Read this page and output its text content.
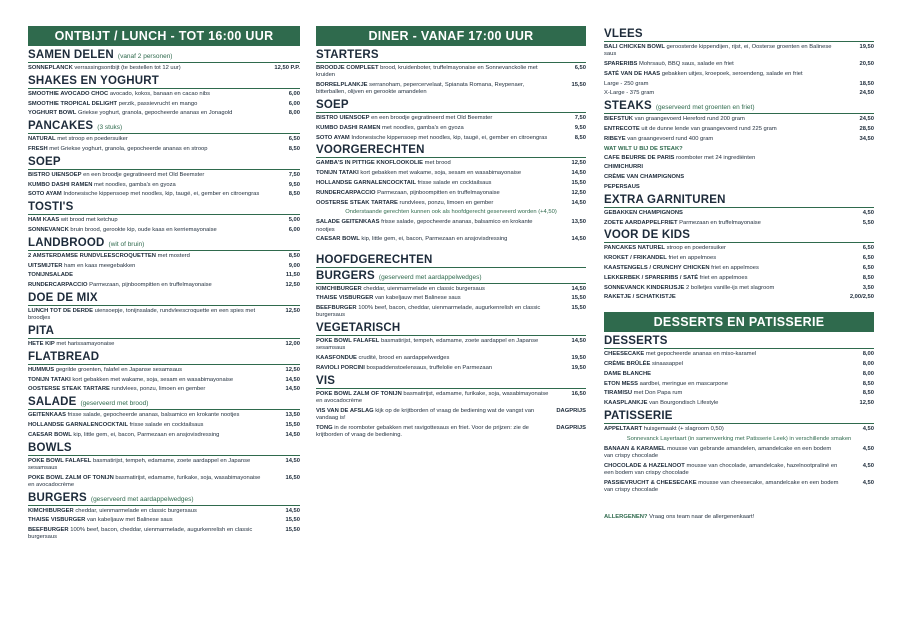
ONTBIJT / LUNCH - TOT 16:00 UUR
SAMEN DELEN (vanaf 2 personen)
SONNEPLANCK verrassingsontbijt (te bestellen tot 12 uur)	12,50 P.P.
SHAKES EN YOGHURT
SMOOTHIE AVOCADO CHOC avocado, kokos, banaan en cacao nibs	6,00
SMOOTHIE TROPICAL DELIGHT perzik, passievrucht en mango	6,00
YOGHURT BOWL Griekse yoghurt, granola, gepocheerde ananas en Jonagold	8,00
PANCAKES (3 stuks)
NATURAL met stroop en poedersuiker	6,50
FRESH met Griekse yoghurt, granola, gepocheerde ananas en stroop	8,50
SOEP
BISTRO UIENSOEP en een broodje gegratineerd met Old Beemster	7,50
KUMBO DASHI RAMEN met noodles, gamba's en gyoza	9,50
SOTO AYAM Indonesische kippensoep met noodles, kip, taugé, ei, gember en citroengras	8,50
TOSTI'S
HAM KAAS wit brood met ketchup	5,00
SONNEVANCK bruin brood, gerookte kip, oude kaas en kerriemayonaise	6,00
LANDBROOD (wit of bruin)
2 AMSTERDAMSE RUNDVLEESCROQUETTEN met mosterd	8,50
UITSMIJTER ham en kaas meegebakken	9,00
TONIJNSALADE	11,50
RUNDERCARPACCIO Parmezaan, pijnboompitten en truffelmayonaise	12,50
DOE DE MIX
LUNCH TOT DE DERDE uiensoepje, tonijnsalade, rundvleescroquette en een spies met broodjes
12,50
PITA
HETE KIP met harissamayonaise	12,00
FLATBREAD
HUMMUS gegrilde groenten, falafel en Japanse sesamsaus	12,50
TONIJN TATAKI kort gebakken met wakame, soja, sesam en wasabimayonaise	14,50
OOSTERSE STEAK TARTARE rundvlees, ponzu, limoen en gember	14,50
SALADE (geserveerd met brood)
GEITENKAAS frisse salade, gepocheerde ananas, balsamico en krokante nootjes	13,50
HOLLANDSE GARNALENCOCKTAIL frisse salade en cocktailsaus	15,50
CAESAR BOWL kip, little gem, ei, bacon, Parmezaan en ansjovisdressing	14,50
BOWLS
POKE BOWL FALAFEL basmatirijst, tempeh, edamame, zoete aardappel en Japanse sesamsaus
14,50
POKE BOWL ZALM OF TONIJN basmatirijst, edamame, furikake, soja, wasabimayonaise en avocadocrème
16,50
BURGERS (geserveerd met aardappelwedges)
KIMCHIBURGER cheddar, uienmarmelade en classic burgersaus	14,50
THAISE VISBURGER van kabeljauw met Balinese saus	15,50
BEEFBURGER 100% beef, bacon, cheddar, uienmarmelade, augurkenrelish en classic burgersaus
15,50
DINER - VANAF 17:00 UUR
STARTERS
BROODJE COMPLEET brood, kruidenboter, truffelmayonaise en Sonnevanckolie met kruiden
6,50
BORRELPLANKJE serranoham, pepercervelaat, Spianata Romana, Reypenaer, bitterballen, olijven en gerookte amandelen
15,50
SOEP
BISTRO UIENSOEP en een broodje gegratineerd met Old Beemster	7,50
KUMBO DASHI RAMEN met noodles, gamba's en gyoza	9,50
SOTO AYAM Indonesische kippensoep met noodles, kip, taugé, ei, gember en citroengras	8,50
VOORGERECHTEN
GAMBA'S IN PITTIGE KNOFLOOKOLIE met brood	12,50
TONIJN TATAKI kort gebakken met wakame, soja, sesam en wasabimayonaise	14,50
HOLLANDSE GARNALENCOCKTAIL frisse salade en cocktailsaus	15,50
RUNDERCARPACCIO Parmezaan, pijnboompitten en truffelmayonaise	12,50
OOSTERSE STEAK TARTARE rundvlees, ponzu, limoen en gember	14,50
Onderstaande gerechten kunnen ook als hoofdgerecht geserveerd worden (+4,50)
SALADE GEITENKAAS frisse salade, gepocheerde ananas, balsamico en krokante nootjes
13,50
CAESAR BOWL kip, little gem, ei, bacon, Parmezaan en ansjovisdressing	14,50
HOOFDGERECHTEN
BURGERS (geserveerd met aardappelwedges)
KIMCHIBURGER cheddar, uienmarmelade en classic burgersaus	14,50
THAISE VISBURGER van kabeljauw met Balinese saus	15,50
BEEFBURGER 100% beef, bacon, cheddar, uienmarmelade, augurkenrelish en classic burgersaus
15,50
VEGETARISCH
POKE BOWL FALAFEL basmatirijst, tempeh, edamame, zoete aardappel en Japanse sesamsaus
14,50
KAASFONDUE crudité, brood en aardappelwedges	19,50
RAVIOLI PORCINI bospaddenstoelensaus, truffelolie en Parmezaan	19,50
VIS
POKE BOWL ZALM OF TONIJN basmatirijst, edamame, furikake, soja, wasabimayonaise en avocadocrème
16,50
VIS VAN DE AFSLAG kijk op de krijtborden of vraag de bediening wat de vangst van vandaag is!
DAGPRIJS
TONG in de roomboter gebakken met ravigottesaus en friet. Voor de prijzen: zie de krijtborden of vraag de bediening.
DAGPRIJS
VLEES
BALI CHICKEN BOWL geroosterde kippendijen, rijst, ei, Oosterse groenten en Balinese saus
19,50
SPARERIBS Mohrsauö, BBQ saus, salade en friet	20,50
SATÉ VAN DE HAAS gebakken uitjes, kroepoek, seroendeng, salade en friet
Large - 250 gram	18,50
X-Large - 375 gram	24,50
STEAKS (geserveerd met groenten en friet)
BIEFSTUK van graangevoerd Hereford rund 200 gram	24,50
ENTRECOTE uit de dunne lende van graangevoerd rund 225 gram	28,50
RIBEYE van graangevoerd rund 400 gram	34,50
WAT WILT U BIJ DE STEAK?
CAFE BEURRE DE PARIS roomboter met 24 ingrediënten
CHIMICHURRI
CRÈME VAN CHAMPIGNONS
PEPERSAUS
EXTRA GARNITUREN
GEBAKKEN CHAMPIGNONS	4,50
ZOETE AARDAPPELFRIET Parmezaan en truffelmayonaise	5,50
VOOR DE KIDS
PANCAKES NATUREL stroop en poedersuiker	6,50
KROKET / FRIKANDEL friet en appelmoes	6,50
KAASTENGELS / CRUNCHY CHICKEN friet en appelmoes	6,50
LEKKERBEK / SPARERIBS / SATÉ friet en appelmoes	8,50
SONNEVANCK KINDERIJSJE 2 bolletjes vanille-ijs met slagroom	3,50
RAKETJE / SCHATKISTJE	2,00/2,50
DESSERTS EN PATISSERIE
DESSERTS
CHEESECAKE met gepocheerde ananas en miso-karamel	8,00
CRÈME BRÛLÉE sinaasappel	8,00
DAME BLANCHE	8,00
ETON MESS aardbei, meringue en mascarpone	8,50
TIRAMISU met Don Papa rum	8,50
KAASPLANKJE van Bourgondisch Lifestyle	12,50
PATISSERIE
APPELTAART huisgemaakt (+ slagroom 0,50)	4,50
Sonnevanck Layertaart (in samenwerking met Patisserie Leek) in verschillende smaken
BANAAN & KARAMEL mousse van gebrande amandelen, amandelcake en een bodem van crispy chocolade
4,50
CHOCOLADE & HAZELNOOT mousse van chocolade, amandelcake, hazelnootpraliné en een bodem van crispy chocolade
4,50
PASSIEVRUCHT & CHEESECAKE mousse van cheesecake, amandelcake en een bodem van crispy chocolade
4,50
ALLERGENEN? Vraag ons team naar de allergenenkaart!
